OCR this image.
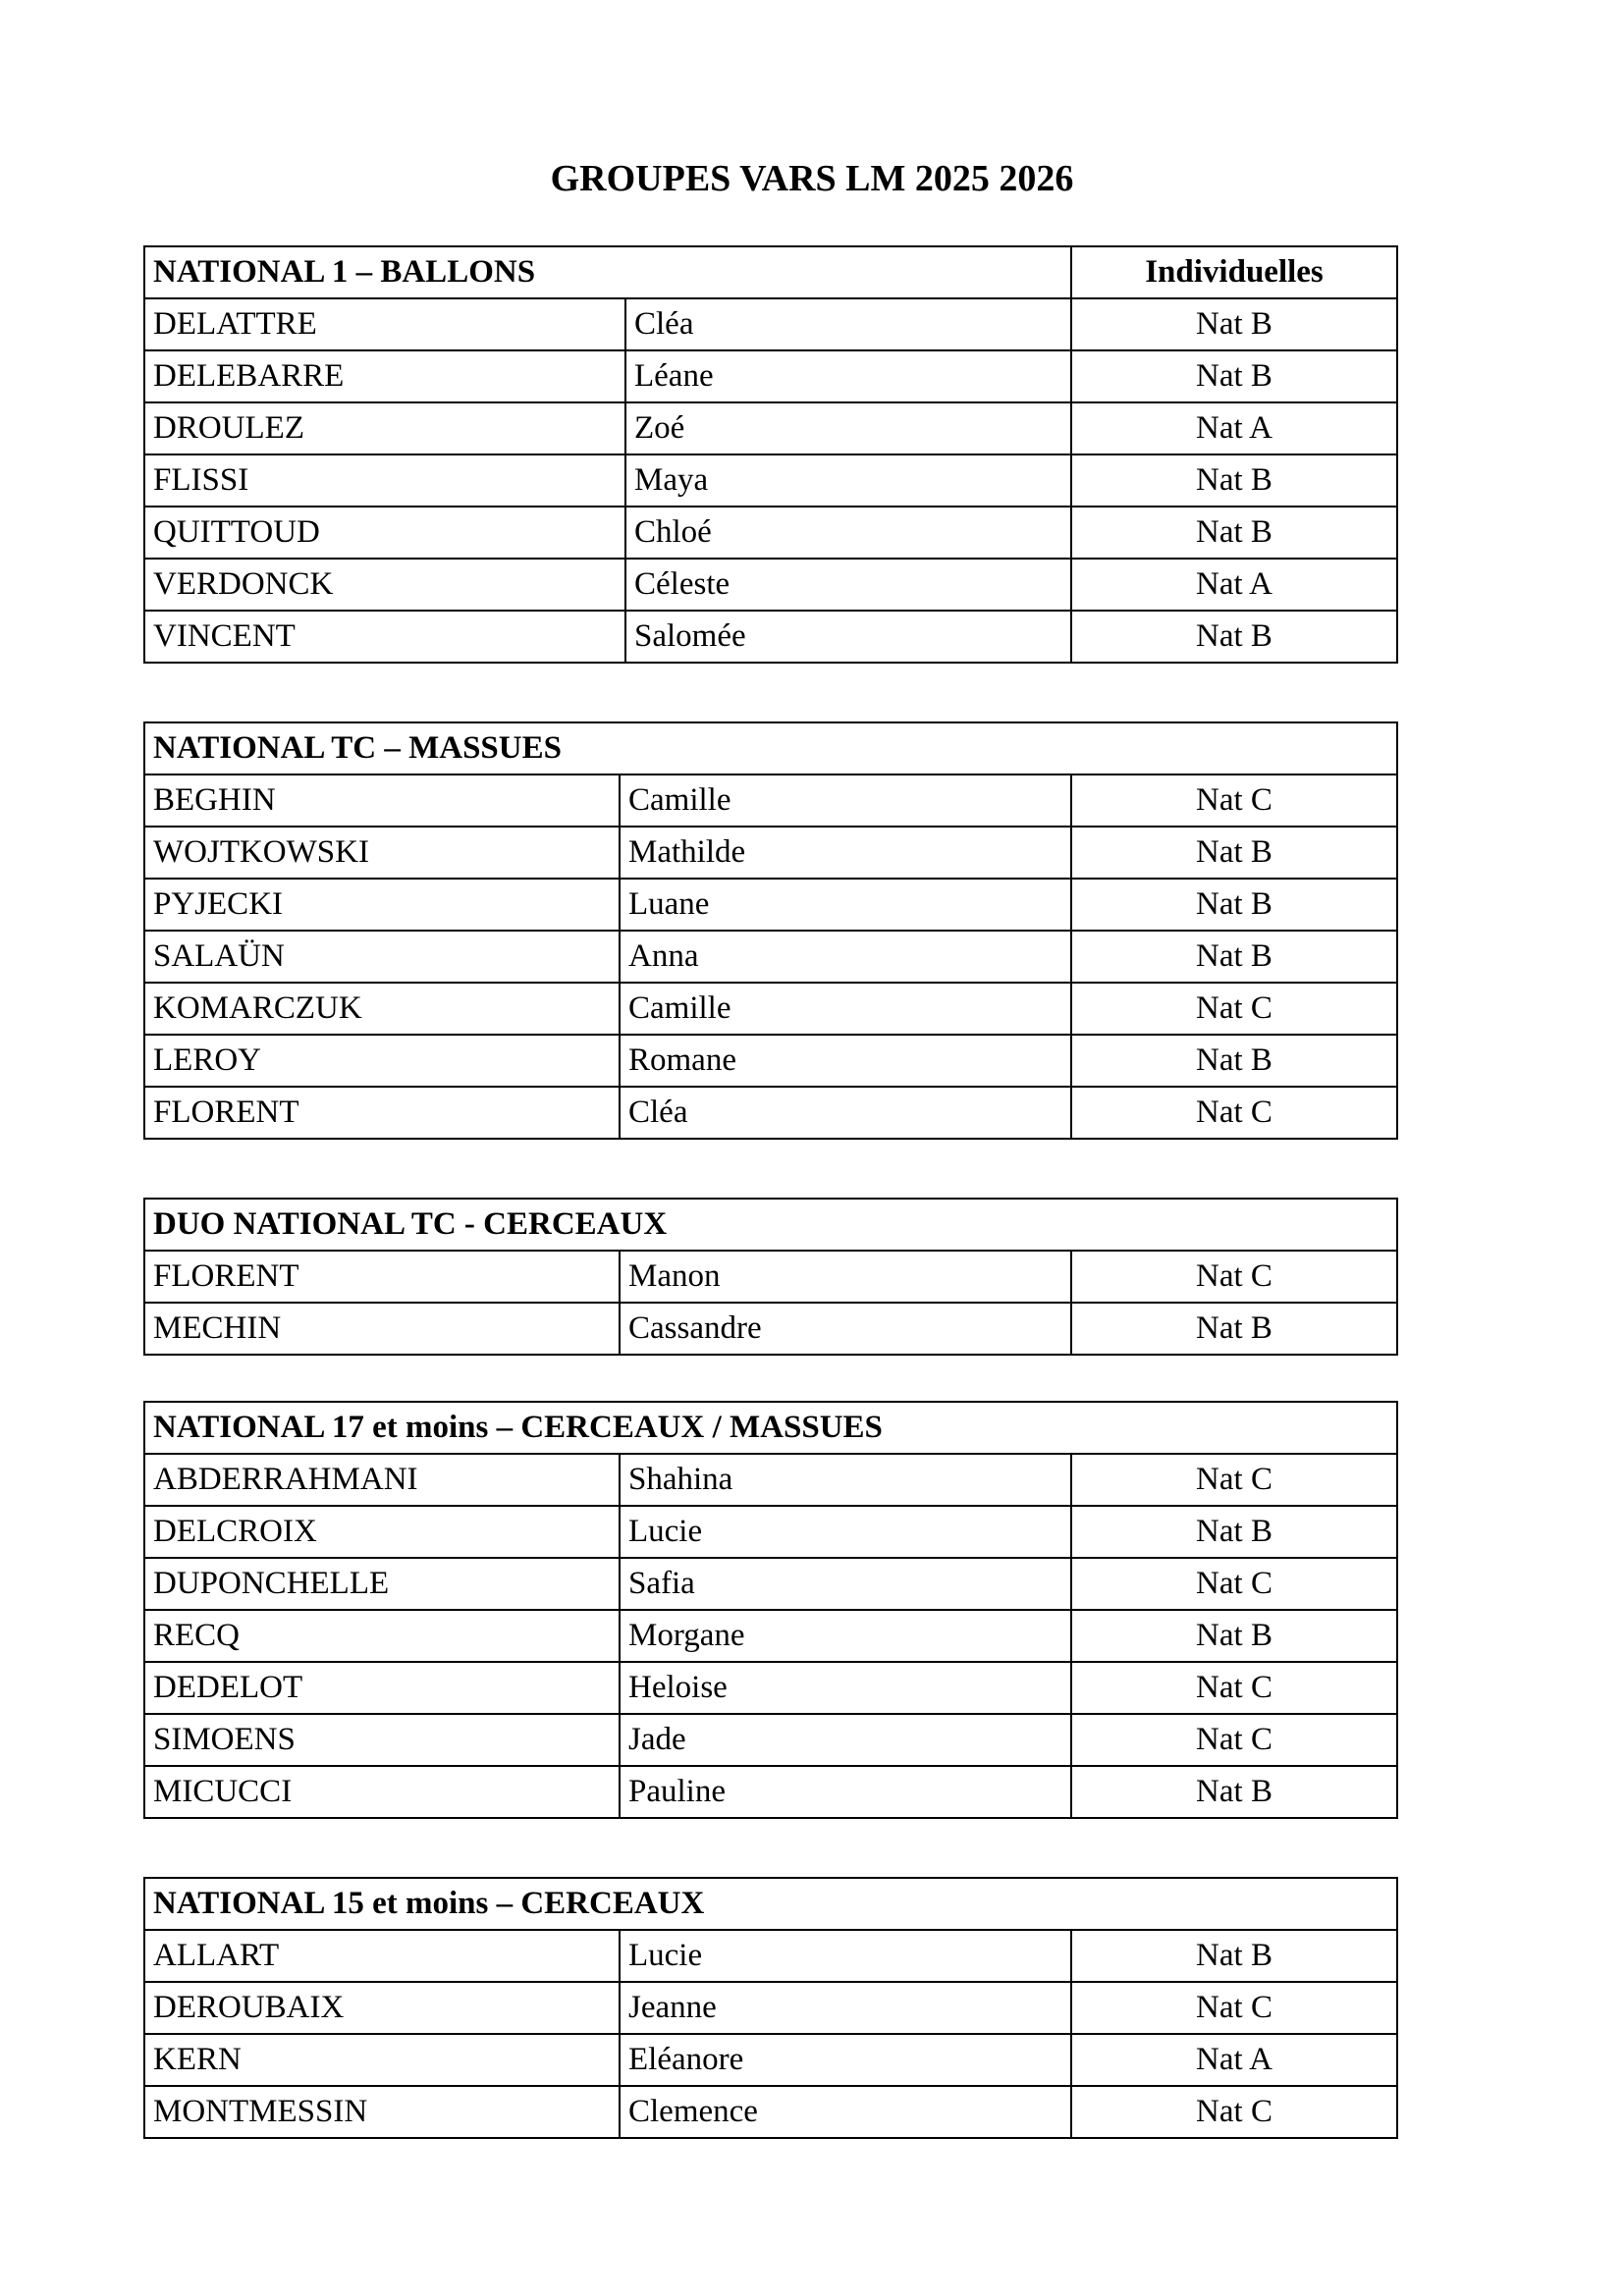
GROUPES VARS LM 2025 2026
NATIONAL 1 – BALLONS		Individuelles
DELATTRE	Cléa	Nat B
DELEBARRE	Léane	Nat B
DROULEZ	Zoé	Nat A
FLISSI	Maya	Nat B
QUITTOUD	Chloé	Nat B
VERDONCK	Céleste	Nat A
VINCENT	Salomée	Nat B
NATIONAL TC – MASSUES		
BEGHIN	Camille	Nat C
WOJTKOWSKI	Mathilde	Nat B
PYJECKI	Luane	Nat B
SALAÜN	Anna	Nat B
KOMARCZUK	Camille	Nat C
LEROY	Romane	Nat B
FLORENT	Cléa	Nat C
DUO NATIONAL TC - CERCEAUX		
FLORENT	Manon	Nat C
MECHIN	Cassandre	Nat B
NATIONAL 17 et moins – CERCEAUX / MASSUES		
ABDERRAHMANI	Shahina	Nat C
DELCROIX	Lucie	Nat B
DUPONCHELLE	Safia	Nat C
RECQ	Morgane	Nat B
DEDELOT	Heloise	Nat C
SIMOENS	Jade	Nat C
MICUCCI	Pauline	Nat B
NATIONAL 15 et moins – CERCEAUX		
ALLART	Lucie	Nat B
DEROUBAIX	Jeanne	Nat C
KERN	Eléanore	Nat A
MONTMESSIN	Clemence	Nat C
